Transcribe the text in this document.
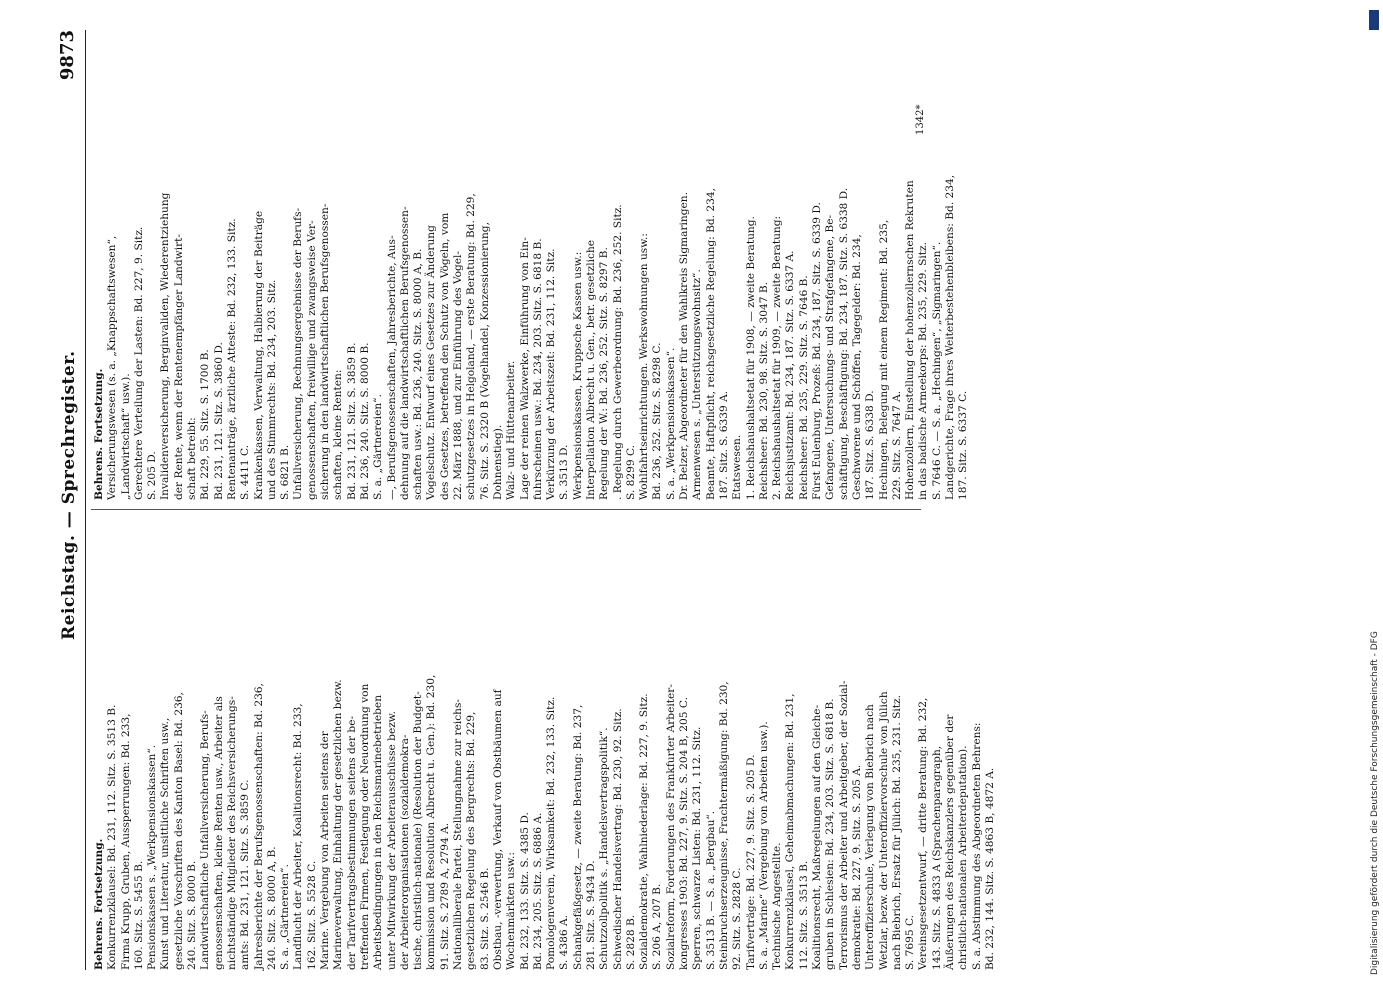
Reichstag. — Sprechregister.
9873
Behrens. Fortsetzung. Konkurrenzklausel: Bd. 231, 112. Sitz. S. 3513 B. Firma Krupp, Gruben, Aussperrungen: Bd. 233, 160. Sitz. S. 5455 B. Pensionskassen s. „Werkpensionskassen“. Kunst und Literatur, unsittliche Schriften usw., gesetzliche Vorschriften des Kanton Basel: Bd. 236, 240. Sitz. S. 8000 B. Landwirtschaftliche Unfallversicherung, Berufs- genossenschaften, kleine Renten usw., Arbeiter als nichtständige Mitglieder des Reichsversicherungs- amts: Bd. 231, 121. Sitz. S. 3859 C. Jahresberichte der Berufsgenossenschaften: Bd. 236, 240. Sitz. S. 8000 A, B. S. a. „Gärtnereien“. Landflucht der Arbeiter, Koalitionsrecht: Bd. 233, 162. Sitz. S. 5528 C. Marine. Vergebung von Arbeiten seitens der Marineverwaltung, Einhaltung der gesetzlichen bezw. der Tarifvertragsbestimmungen seitens der be- treffenden Firmen, Festlegung oder Neuordnung von Arbeitsbedingungen in den Reichsmarinebetrieben unter Mitwirkung der Arbeiterausschüsse bezw. der Arbeiterorganisationen (sozialdemokra- tische, christlich-nationale) (Resolution der Budget- kommission und Resolution Albrecht u. Gen.): Bd. 230, 91. Sitz. S. 2789 A, 2794 A. Nationalliberale Partei, Stellungnahme zur reichs- gesetzlichen Regelung des Bergrechts: Bd. 229, 83. Sitz. S. 2546 B. Obstbau, -verwertung, Verkauf von Obstbäumen auf Wochenmärkten usw.: Bd. 232, 133. Sitz. S. 4385 D. Bd. 234, 205. Sitz. S. 6886 A. Pomologenverein, Wirksamkeit: Bd. 232, 133. Sitz. S. 4386 A. Schankgefäßgesetz, — zweite Beratung: Bd. 237, 281. Sitz. S. 9434 D. Schutzzollpolitik s. „Handelsvertragspolitik“. Schwedischer Handelsvertrag: Bd. 230, 92. Sitz. S. 2828 B. Sozialdemokratie, Wahlniederlage: Bd. 227, 9. Sitz. S. 206 A, 207 B. Sozialreform, Forderungen des Frankfurter Arbeiter- kongresses 1903: Bd. 227, 9. Sitz. S. 204 B, 205 C. Sperren, schwarze Listen: Bd. 231, 112. Sitz. S. 3513 B. — S. a. „Bergbau“. Steinbruchserzeugnisse, Frachtermäßigung: Bd. 230, 92. Sitz. S. 2828 C. Tarifverträge: Bd. 227, 9. Sitz. S. 205 D. S. a. „Marine“ (Vergebung von Arbeiten usw.). Technische Angestellte. Konkurrenzklausel, Geheimabmachungen: Bd. 231, 112. Sitz. S. 3513 B. Koalitionsrecht, Maßregelungen auf den Gleiche- gruben in Schlesien: Bd. 234, 203. Sitz. S. 6818 B. Terrorismus der Arbeiter und Arbeitgeber, der Sozial- demokratie: Bd. 227, 9. Sitz. S. 205 A. Unteroffizierschule, Verlegung von Biebrich nach Wetzlar, bezw. der Unteroffiziervorschule von Jülich nach Biebrich, Ersatz für Jülich: Bd. 235, 231. Sitz. S. 7695 C. Vereinsgesetzentwurf, — dritte Beratung: Bd. 232, 143. Sitz. S. 4833 A (Sprachenparagraph, Äußerungen des Reichskanzlers gegenüber der christlich-nationalen Arbeiterdeputation). S. a. Abstimmung des Abgeordneten Behrens: Bd. 232, 144. Sitz. S. 4863 B, 4872 A.
Behrens. Fortsetzung. Versicherungswesen (s. a. „Knappschaftswesen“, „Landwirtschaft“ usw.). Gerechtere Verteilung der Lasten: Bd. 227, 9. Sitz. S. 205 D. Invalidenversicherung, Berginvaliden, Wiederentziehung der Rente, wenn der Rentenempfänger Landwirt- schaft betreibt: Bd. 229, 55. Sitz. S. 1700 B. Bd. 231, 121. Sitz. S. 3860 D. Rentenanträge, ärztliche Atteste: Bd. 232, 133. Sitz. S. 4411 C. Krankenkassen, Verwaltung, Halbierung der Beiträge und des Stimmrechts: Bd. 234, 203. Sitz. S. 6821 B. Unfallversicherung, Rechnungsergebnisse der Berufs- genossenschaften, freiwillige und zwangsweise Ver- sicherung in den landwirtschaftlichen Berufsgenossen- schaften, kleine Renten: Bd. 231, 121. Sitz. S. 3859 B. Bd. 236, 240. Sitz. S. 8000 B. S. a. „Gärtnereien“. —, Berufsgenossenschaften, Jahresberichte, Aus- dehnung auf die landwirtschaftlichen Berufsgenossen- schaften usw.: Bd. 236, 240. Sitz. S. 8000 A, B. Vogelschutz. Entwurf eines Gesetzes zur Änderung des Gesetzes, betreffend den Schutz von Vögeln, vom 22. März 1888, und zur Einführung des Vogel- schutzgesetzes in Helgoland, — erste Beratung: Bd. 229, 76. Sitz. S. 2320 B (Vogelhandel, Konzessionierung, Dohnenstieg). Walz- und Hüttenarbeiter. Lage der reinen Walzwerke, Einführung von Ein- fuhrscheinen usw.: Bd. 234, 203. Sitz. S. 6818 B. Verkürzung der Arbeitszeit: Bd. 231, 112. Sitz. S. 3513 D. Werkpensionskassen, Kruppsche Kassen usw.: Interpellation Albrecht u. Gen., betr. gesetzliche Regelung der W.: Bd. 236, 252. Sitz. S. 8297 B. . Regelung durch Gewerbeordnung: Bd. 236, 252. Sitz. S. 8299 C. Wohlfahrtseinrichtungen. Werkswohnungen usw.: Bd. 236, 252. Sitz. S. 8298 C. S. a. „Werkpensionskassen“. Dr. Belzer, Abgeordneter für den Wahlkreis Sigmaringen. Armenwesen s. „Unterstützungswohnsitz“. Beamte, Haftpflicht, reichsgesetzliche Regelung: Bd. 234, 187. Sitz. S. 6339 A. Etatswesen. 1. Reichshaushaltsetat für 1908, — zweite Beratung. Reichsheer: Bd. 230, 98. Sitz. S. 3047 B. 2. Reichshaushaltsetat für 1909, — zweite Beratung: Reichsjustizamt: Bd. 234, 187. Sitz. S. 6337 A. Reichsheer: Bd. 235, 229. Sitz. S. 7646 B. Fürst Eulenburg, Prozeß: Bd. 234, 187. Sitz. S. 6339 D. Gefangene, Untersuchungs- und Strafgefangene, Be- schäftigung, Beschäftigung: Bd. 234, 187. Sitz. S. 6338 D. Geschworene und Schöffen, Tagegelder: Bd. 234, 187. Sitz. S. 6338 D. Hechingen, Belegung mit einem Regiment: Bd. 235, 229. Sitz. S. 7647 A. Hohenzollern, Einstellung der hohenzollernschen Rekruten in das badische Armeekorps: Bd. 235, 229. Sitz. S. 7646 C. — S. a. „Hechingen“, „Sigmaringen“. Landgerichte, Frage ihres Weiterbestehenbleibens: Bd. 234, 187. Sitz. S. 6337 C.
1342*
Digitalisierung gefördert durch die Deutsche Forschungsgemeinschaft - DFG
